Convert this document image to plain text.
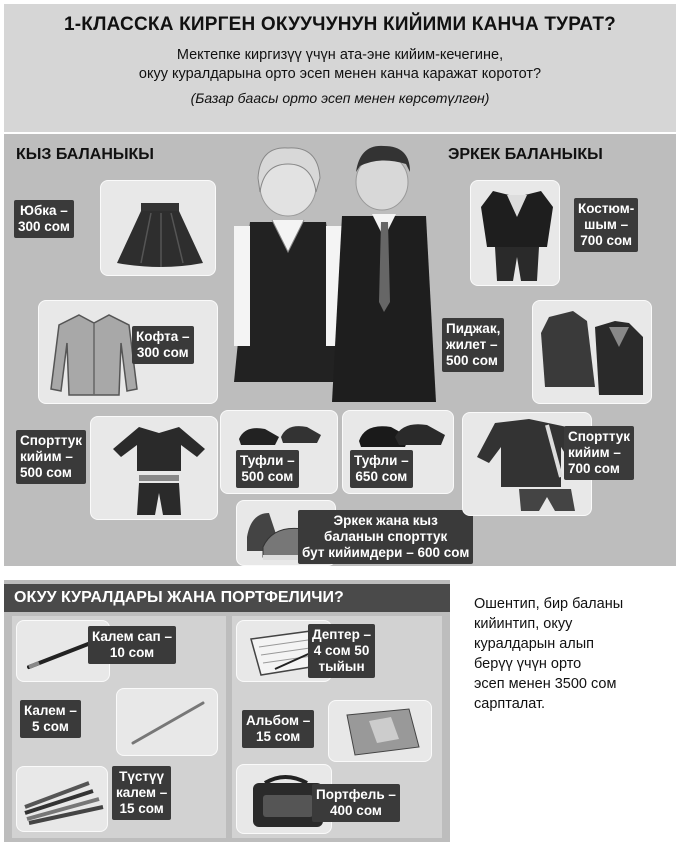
1-КЛАССКА КИРГЕН ОКУУЧУНУН КИЙИМИ КАНЧА ТУРАТ?
Мектепке киргизүү үчүн ата-эне кийим-кечегине,
окуу куралдарына орто эсеп менен канча каражат коротот?
(Базар баасы орто эсеп менен көрсөтүлгөн)
КЫЗ БАЛАНЫКЫ	ЭРКЕК БАЛАНЫКЫ
Юбка –
300 сом
Кофта –
300 сом
Спорттук
кийим –
500 сом
Туфли –
500 сом
Туфли –
650 сом
Эркек жана кыз
баланын спорттук
бут кийимдери – 600 сом
Костюм-
шым –
700 сом
Пиджак,
жилет –
500 сом
Спорттук
кийим –
700 сом
ОКУУ КУРАЛДАРЫ ЖАНА ПОРТФЕЛИЧИ?
Калем сап –
10 сом
Калем –
5 сом
Түстүү
калем –
15 сом
Дептер –
4 сом 50
тыйын
Альбом –
15 сом
Портфель –
400 сом
Ошентип, бир баланы
кийинтип, окуу
куралдарын алып
берүү үчүн орто
эсеп менен 3500 сом
сарпталат.
